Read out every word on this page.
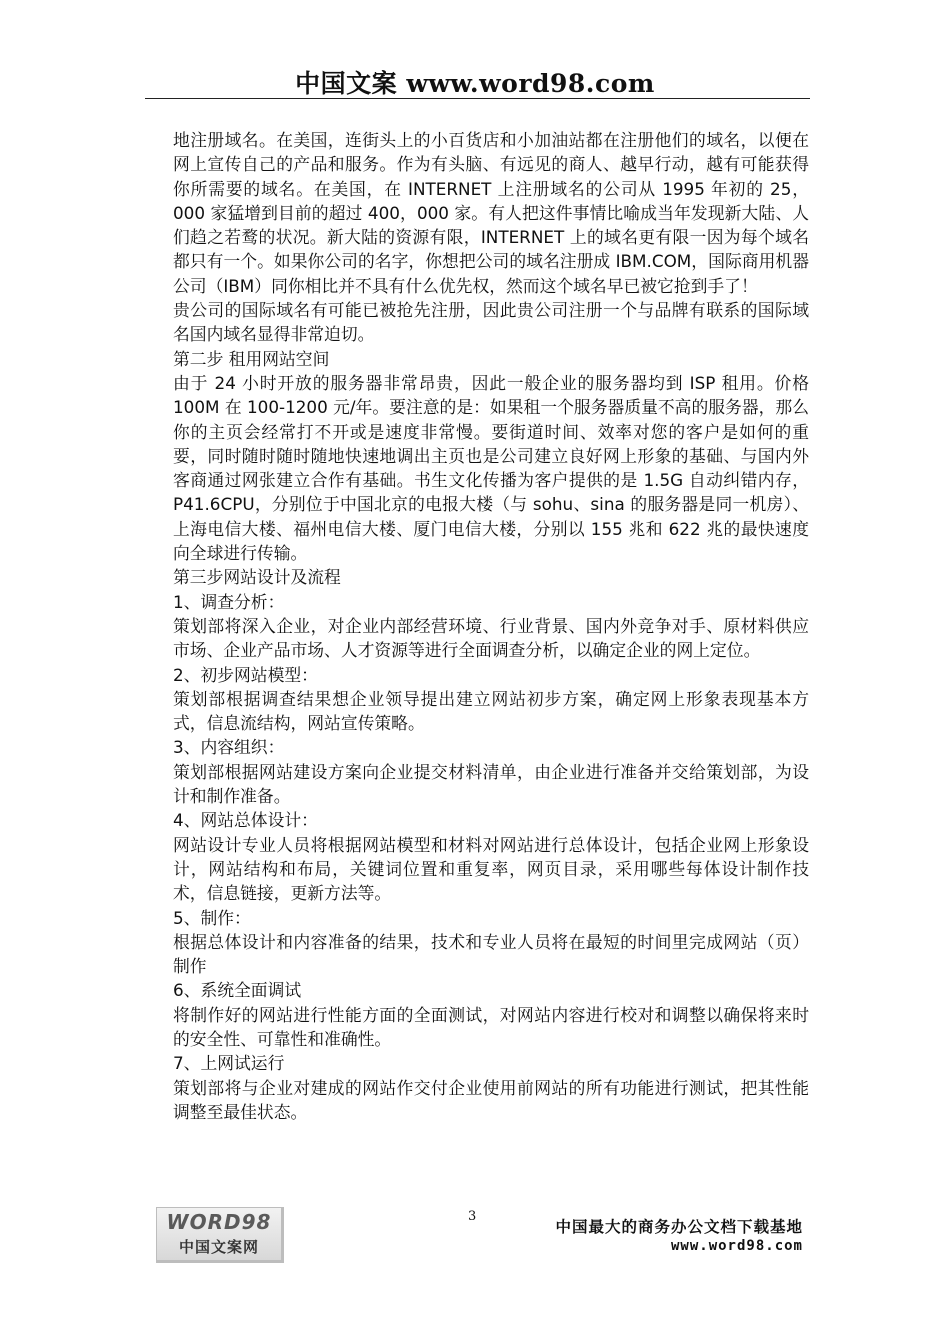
中国文案 www.word98.com

地注册域名。在美国，连街头上的小百货店和小加油站都在注册他们的域名，以便在网上宣传自己的产品和服务。作为有头脑、有远见的商人、越早行动，越有可能获得你所需要的域名。在美国，在 INTERNET 上注册域名的公司从 1995 年初的 25，000 家猛增到目前的超过 400，000 家。有人把这件事情比喻成当年发现新大陆、人们趋之若鹜的状况。新大陆的资源有限，INTERNET 上的域名更有限一因为每个域名都只有一个。如果你公司的名字，你想把公司的域名注册成 IBM.COM，国际商用机器公司（IBM）同你相比并不具有什么优先权，然而这个域名早已被它抢到手了！

贵公司的国际域名有可能已被抢先注册，因此贵公司注册一个与品牌有联系的国际域名国内域名显得非常迫切。

第二步 租用网站空间

由于 24 小时开放的服务器非常昂贵，因此一般企业的服务器均到 ISP 租用。价格 100M 在 100-1200 元/年。要注意的是：如果租一个服务器质量不高的服务器，那么你的主页会经常打不开或是速度非常慢。要街道时间、效率对您的客户是如何的重要，同时随时随时随地快速地调出主页也是公司建立良好网上形象的基础、与国内外客商通过网张建立合作有基础。书生文化传播为客户提供的是 1.5G 自动纠错内存，P41.6CPU，分别位于中国北京的电报大楼（与 sohu、sina 的服务器是同一机房）、上海电信大楼、福州电信大楼、厦门电信大楼，分别以 155 兆和 622 兆的最快速度向全球进行传输。

第三步网站设计及流程

1、调查分析：

策划部将深入企业，对企业内部经营环境、行业背景、国内外竞争对手、原材料供应市场、企业产品市场、人才资源等进行全面调查分析，以确定企业的网上定位。

2、初步网站模型：

策划部根据调查结果想企业领导提出建立网站初步方案，确定网上形象表现基本方式，信息流结构，网站宣传策略。

3、内容组织：

策划部根据网站建设方案向企业提交材料清单，由企业进行准备并交给策划部，为设计和制作准备。

4、网站总体设计：

网站设计专业人员将根据网站模型和材料对网站进行总体设计，包括企业网上形象设计，网站结构和布局，关键词位置和重复率，网页目录，采用哪些每体设计制作技术，信息链接，更新方法等。

5、制作：

根据总体设计和内容准备的结果，技术和专业人员将在最短的时间里完成网站（页）制作

6、系统全面调试

将制作好的网站进行性能方面的全面测试，对网站内容进行校对和调整以确保将来时的安全性、可靠性和准确性。

7、上网试运行

策划部将与企业对建成的网站作交付企业使用前网站的所有功能进行测试，把其性能调整至最佳状态。

WORD98
中国文案网
3
中国最大的商务办公文档下载基地
www.word98.com
